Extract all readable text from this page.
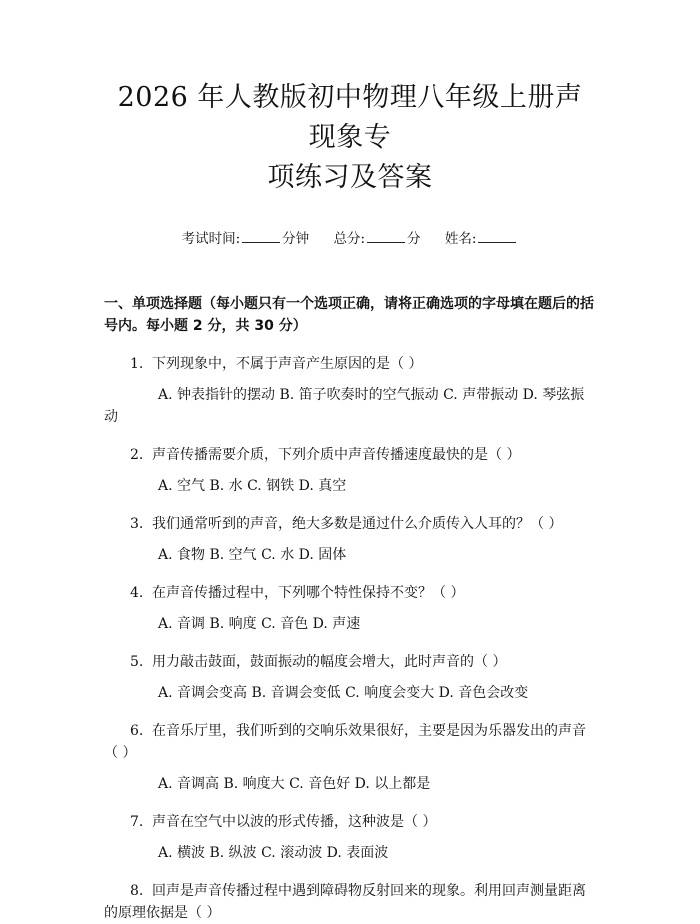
2026 年人教版初中物理八年级上册声现象专
项练习及答案
考试时间:	分钟 总分:	分 姓名:
一、单项选择题（每小题只有一个选项正确，请将正确选项的字母填在题后的括号内。每小题 2 分，共 30 分）
1. 下列现象中，不属于声音产生原因的是（ ）
A. 钟表指针的摆动 B. 笛子吹奏时的空气振动 C. 声带振动 D. 琴弦振动
2. 声音传播需要介质，下列介质中声音传播速度最快的是（ ）
A. 空气 B. 水 C. 钢铁 D. 真空
3. 我们通常听到的声音，绝大多数是通过什么介质传入人耳的？（ ）
A. 食物 B. 空气 C. 水 D. 固体
4. 在声音传播过程中，下列哪个特性保持不变？（ ）
A. 音调 B. 响度 C. 音色 D. 声速
5. 用力敲击鼓面，鼓面振动的幅度会增大，此时声音的（ ）
A. 音调会变高 B. 音调会变低 C. 响度会变大 D. 音色会改变
6. 在音乐厅里，我们听到的交响乐效果很好，主要是因为乐器发出的声音（ ）
A. 音调高 B. 响度大 C. 音色好 D. 以上都是
7. 声音在空气中以波的形式传播，这种波是（ ）
A. 横波 B. 纵波 C. 滚动波 D. 表面波
8. 回声是声音传播过程中遇到障碍物反射回来的现象。利用回声测量距离的原理依据是（ ）
